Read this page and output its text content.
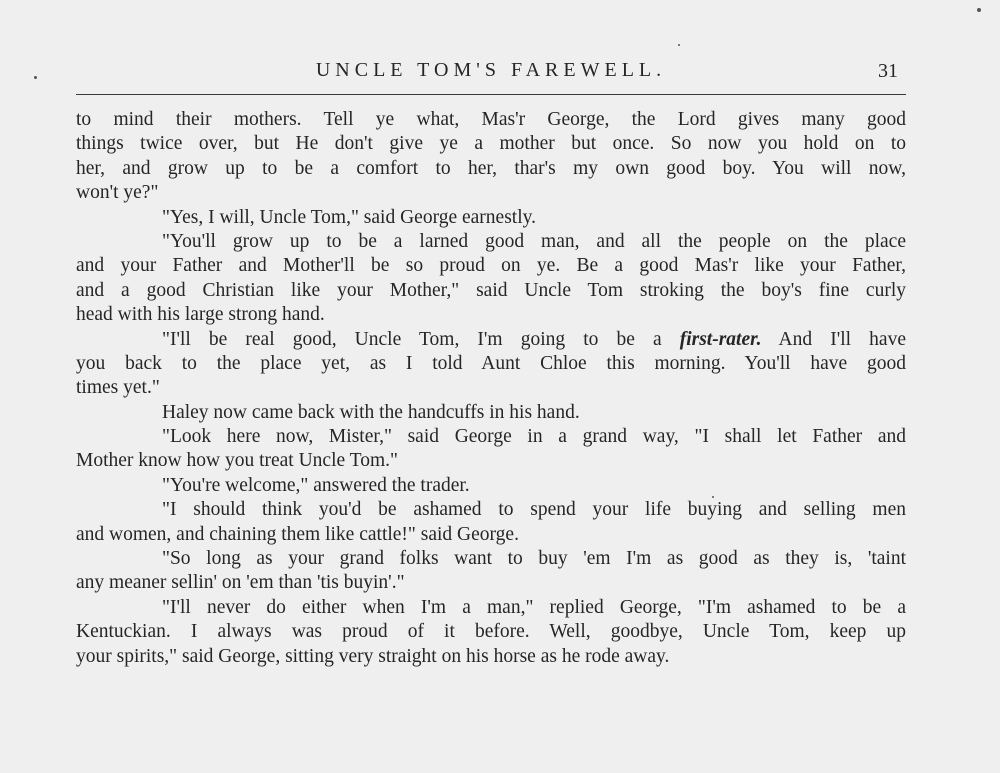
UNCLE TOM'S FAREWELL.	31
to mind their mothers. Tell ye what, Mas'r George, the Lord gives many good
things twice over, but He don't give ye a mother but once. So now you hold on to
her, and grow up to be a comfort to her, thar's my own good boy. You will now,
won't ye?"
"Yes, I will, Uncle Tom," said George earnestly.
"You'll grow up to be a larned good man, and all the people on the place
and your Father and Mother'll be so proud on ye. Be a good Mas'r like your Father,
and a good Christian like your Mother," said Uncle Tom stroking the boy's fine curly
head with his large strong hand.
"I'll be real good, Uncle Tom, I'm going to be a first-rater. And I'll have
you back to the place yet, as I told Aunt Chloe this morning. You'll have good
times yet."
Haley now came back with the handcuffs in his hand.
"Look here now, Mister," said George in a grand way, "I shall let Father and
Mother know how you treat Uncle Tom."
"You're welcome," answered the trader.
"I should think you'd be ashamed to spend your life buying and selling men
and women, and chaining them like cattle!" said George.
"So long as your grand folks want to buy 'em I'm as good as they is, 'taint
any meaner sellin' on 'em than 'tis buyin'."
"I'll never do either when I'm a man," replied George, "I'm ashamed to be a
Kentuckian. I always was proud of it before. Well, goodbye, Uncle Tom, keep up
your spirits," said George, sitting very straight on his horse as he rode away.
